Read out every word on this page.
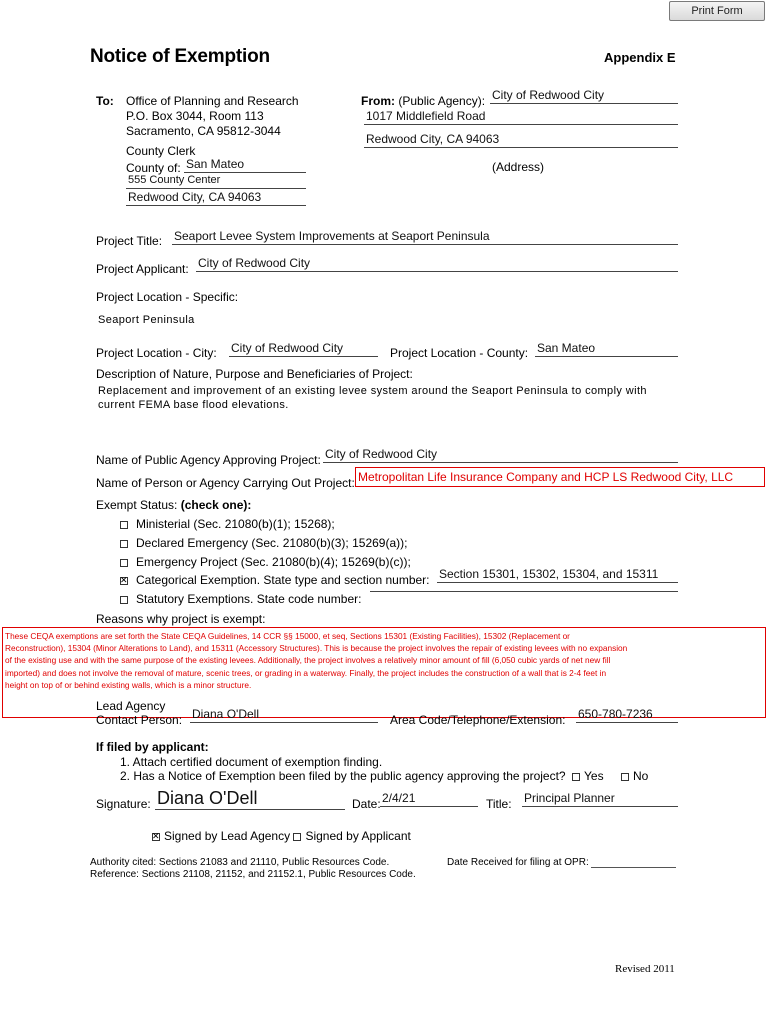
Print Form
Notice of Exemption	Appendix E
To: Office of Planning and Research
P.O. Box 3044, Room 113
Sacramento, CA 95812-3044
County Clerk
County of: San Mateo
555 County Center
Redwood City, CA 94063
From: (Public Agency): City of Redwood City
1017 Middlefield Road
Redwood City, CA 94063
(Address)
Project Title: Seaport Levee System Improvements at Seaport Peninsula
Project Applicant: City of Redwood City
Project Location - Specific:
Seaport Peninsula
Project Location - City: City of Redwood City	Project Location - County: San Mateo
Description of Nature, Purpose and Beneficiaries of Project:
Replacement and improvement of an existing levee system around the Seaport Peninsula to comply with
current FEMA base flood elevations.
Name of Public Agency Approving Project: City of Redwood City
Name of Person or Agency Carrying Out Project: Metropolitan Life Insurance Company and HCP LS Redwood City, LLC
Exempt Status: (check one):
Ministerial (Sec. 21080(b)(1); 15268);
Declared Emergency (Sec. 21080(b)(3); 15269(a));
Emergency Project (Sec. 21080(b)(4); 15269(b)(c));
✕Categorical Exemption. State type and section number: Section 15301, 15302, 15304, and 15311
Statutory Exemptions. State code number:
Reasons why project is exempt:
These CEQA exemptions are set forth the State CEQA Guidelines, 14 CCR §§ 15000, et seq, Sections 15301 (Existing Facilities), 15302 (Replacement or
Reconstruction), 15304 (Minor Alterations to Land), and 15311 (Accessory Structures). This is because the project involves the repair of existing levees with no expansion
of the existing use and with the same purpose of the existing levees. Additionally, the project involves a relatively minor amount of fill (6,050 cubic yards of net new fill
imported) and does not involve the removal of mature, scenic trees, or grading in a waterway. Finally, the project includes the construction of a wall that is 2-4 feet in
height on top of or behind existing walls, which is a minor structure.
Lead Agency
Contact Person: Diana O'Dell	Area Code/Telephone/Extension: 650-780-7236
If filed by applicant:
1. Attach certified document of exemption finding.
2. Has a Notice of Exemption been filed by the public agency approving the project?	Yes	No
Signature: Diana O'Dell	Date: 2/4/21	Title: Principal Planner
✕Signed by Lead Agency Signed by Applicant
Authority cited: Sections 21083 and 21110, Public Resources Code.
Reference: Sections 21108, 21152, and 21152.1, Public Resources Code.
Date Received for filing at OPR:
Revised 2011
